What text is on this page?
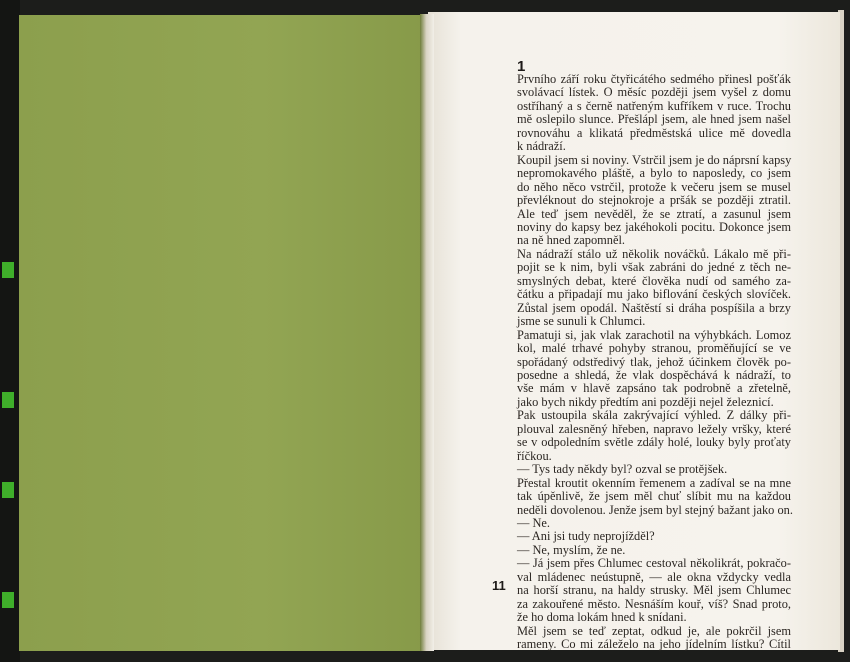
1
Prvního září roku čtyřicátého sedmého přinesl pošťák
svolávací lístek. O měsíc později jsem vyšel z domu
ostříhaný a s černě natřeným kufříkem v ruce. Trochu
mě oslepilo slunce. Přešlápl jsem, ale hned jsem našel
rovnováhu a klikatá předměstská ulice mě dovedla
k nádraží.
Koupil jsem si noviny. Vstrčil jsem je do náprsní kapsy
nepromokavého pláště, a bylo to naposledy, co jsem
do něho něco vstrčil, protože k večeru jsem se musel
převléknout do stejnokroje a pršák se později ztratil.
Ale teď jsem nevěděl, že se ztratí, a zasunul jsem
noviny do kapsy bez jakéhokoli pocitu. Dokonce jsem
na ně hned zapomněl.
Na nádraží stálo už několik nováčků. Lákalo mě při-
pojit se k nim, byli však zabráni do jedné z těch ne-
smyslných debat, které člověka nudí od samého za-
čátku a připadají mu jako biflování českých slovíček.
Zůstal jsem opodál. Naštěstí si dráha pospíšila a brzy
jsme se sunuli k Chlumci.
Pamatuji si, jak vlak zarachotil na výhybkách. Lomoz
kol, malé trhavé pohyby stranou, proměňující se ve
spořádaný odstředivý tlak, jehož účinkem člověk po-
posedne a shledá, že vlak dospěchává k nádraží, to
vše mám v hlavě zapsáno tak podrobně a zřetelně,
jako bych nikdy předtím ani později nejel železnicí.
Pak ustoupila skála zakrývající výhled. Z dálky při-
plouval zalesněný hřeben, napravo ležely vršky, které
se v odpoledním světle zdály holé, louky byly proťaty
říčkou.
— Tys tady někdy byl? ozval se protějšek.
Přestal kroutit okenním řemenem a zadíval se na mne
tak úpěnlivě, že jsem měl chuť slíbit mu na každou
neděli dovolenou. Jenže jsem byl stejný bažant jako on.
— Ne.
— Ani jsi tudy neprojížděl?
— Ne, myslím, že ne.
— Já jsem přes Chlumec cestoval několikrát, pokračo-
val mládenec neústupně, — ale okna vždycky vedla
na horší stranu, na haldy strusky. Měl jsem Chlumec
za zakouřené město. Nesnáším kouř, víš? Snad proto,
že ho doma lokám hned k snídani.
Měl jsem se teď zeptat, odkud je, ale pokrčil jsem
rameny. Co mi záleželo na jeho jídelním lístku? Cítil
11
